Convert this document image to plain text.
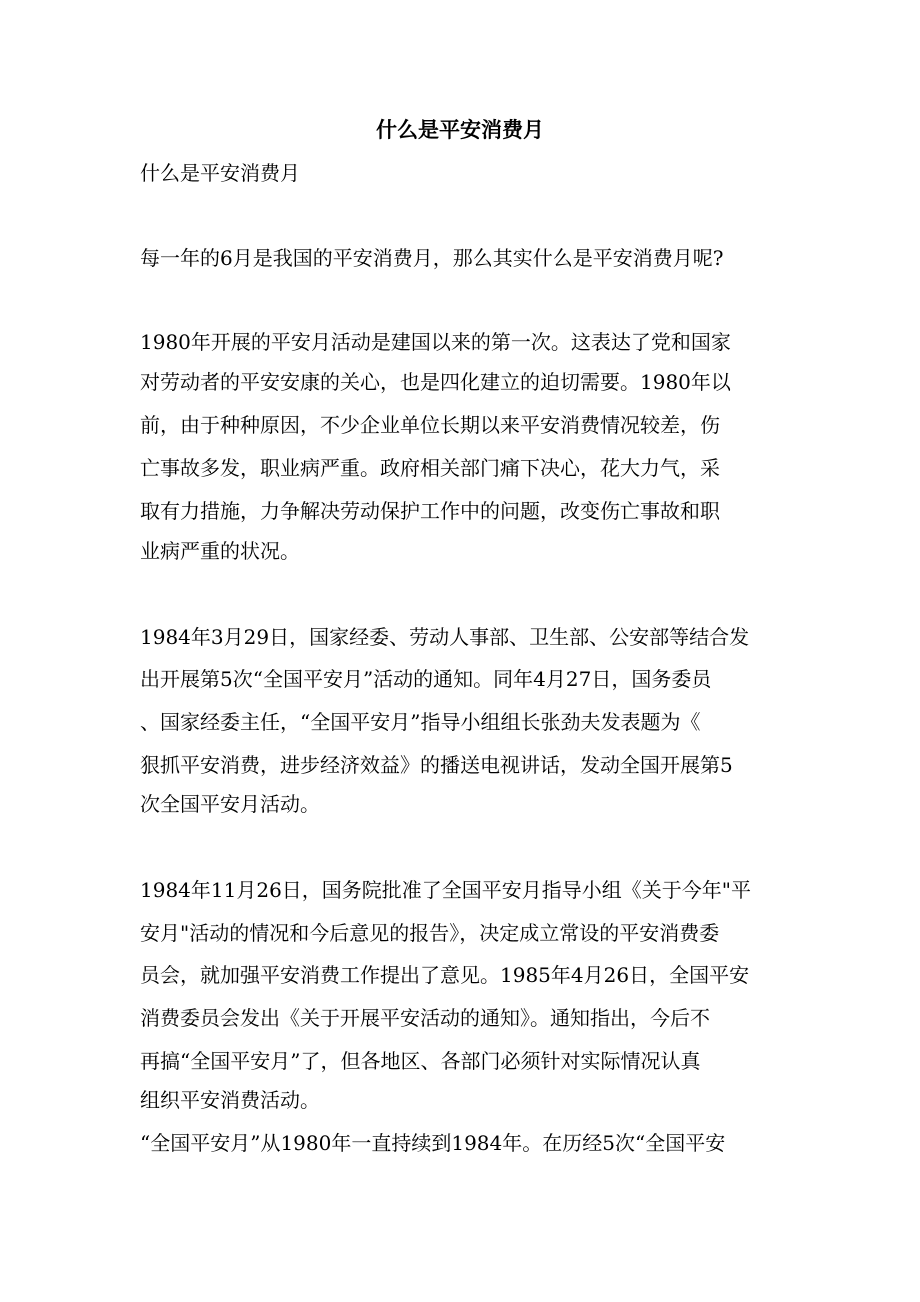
什么是平安消费月

什么是平安消费月

每一年的6月是我国的平安消费月，那么其实什么是平安消费月呢?

1980年开展的平安月活动是建国以来的第一次。这表达了党和国家

对劳动者的平安安康的关心，也是四化建立的迫切需要。1980年以

前，由于种种原因，不少企业单位长期以来平安消费情况较差，伤

亡事故多发，职业病严重。政府相关部门痛下决心，花大力气，采

取有力措施，力争解决劳动保护工作中的问题，改变伤亡事故和职

业病严重的状况。

1984年3月29日，国家经委、劳动人事部、卫生部、公安部等结合发

出开展第5次“全国平安月”活动的通知。同年4月27日，国务委员

、国家经委主任，“全国平安月”指导小组组长张劲夫发表题为《

狠抓平安消费，进步经济效益》的播送电视讲话，发动全国开展第5

次全国平安月活动。

1984年11月26日，国务院批准了全国平安月指导小组《关于今年"平

安月"活动的情况和今后意见的报告》，决定成立常设的平安消费委

员会，就加强平安消费工作提出了意见。1985年4月26日，全国平安

消费委员会发出《关于开展平安活动的通知》。通知指出，今后不

再搞“全国平安月”了，但各地区、各部门必须针对实际情况认真

组织平安消费活动。

“全国平安月”从1980年一直持续到1984年。在历经5次“全国平安
